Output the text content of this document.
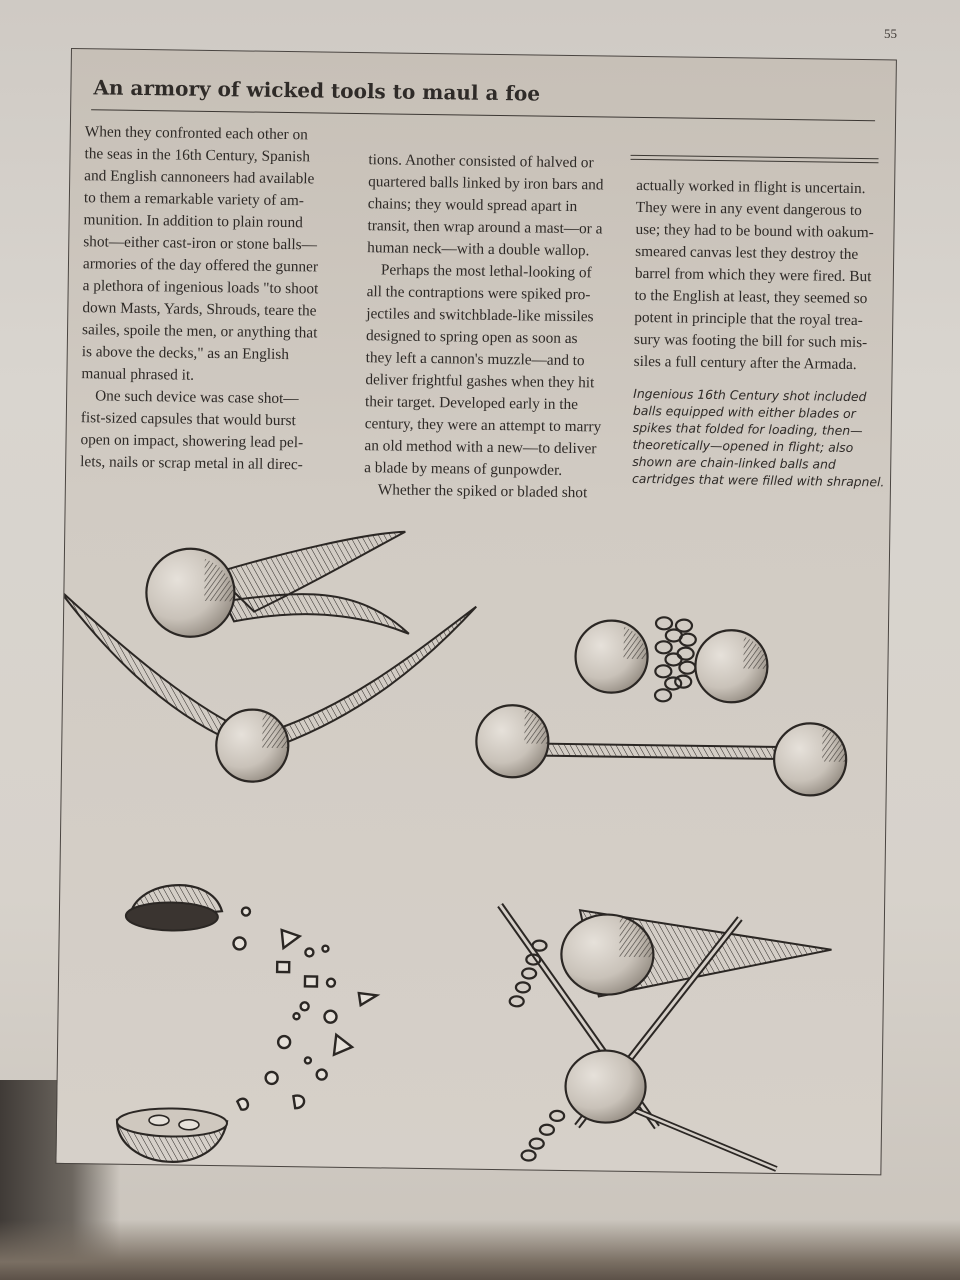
55
An armory of wicked tools to maul a foe
When they confronted each other on
the seas in the 16th Century, Spanish
and English cannoneers had available
to them a remarkable variety of am-
munition. In addition to plain round
shot—either cast-iron or stone balls—
armories of the day offered the gunner
a plethora of ingenious loads "to shoot
down Masts, Yards, Shrouds, teare the
sailes, spoile the men, or anything that
is above the decks," as an English
manual phrased it.
One such device was case shot—
fist-sized capsules that would burst
open on impact, showering lead pel-
lets, nails or scrap metal in all direc-
tions. Another consisted of halved or
quartered balls linked by iron bars and
chains; they would spread apart in
transit, then wrap around a mast—or a
human neck—with a double wallop.
Perhaps the most lethal-looking of
all the contraptions were spiked pro-
jectiles and switchblade-like missiles
designed to spring open as soon as
they left a cannon's muzzle—and to
deliver frightful gashes when they hit
their target. Developed early in the
century, they were an attempt to marry
an old method with a new—to deliver
a blade by means of gunpowder.
Whether the spiked or bladed shot
actually worked in flight is uncertain.
They were in any event dangerous to
use; they had to be bound with oakum-
smeared canvas lest they destroy the
barrel from which they were fired. But
to the English at least, they seemed so
potent in principle that the royal trea-
sury was footing the bill for such mis-
siles a full century after the Armada.
Ingenious 16th Century shot included
balls equipped with either blades or
spikes that folded for loading, then—
theoretically—opened in flight; also
shown are chain-linked balls and
cartridges that were filled with shrapnel.
